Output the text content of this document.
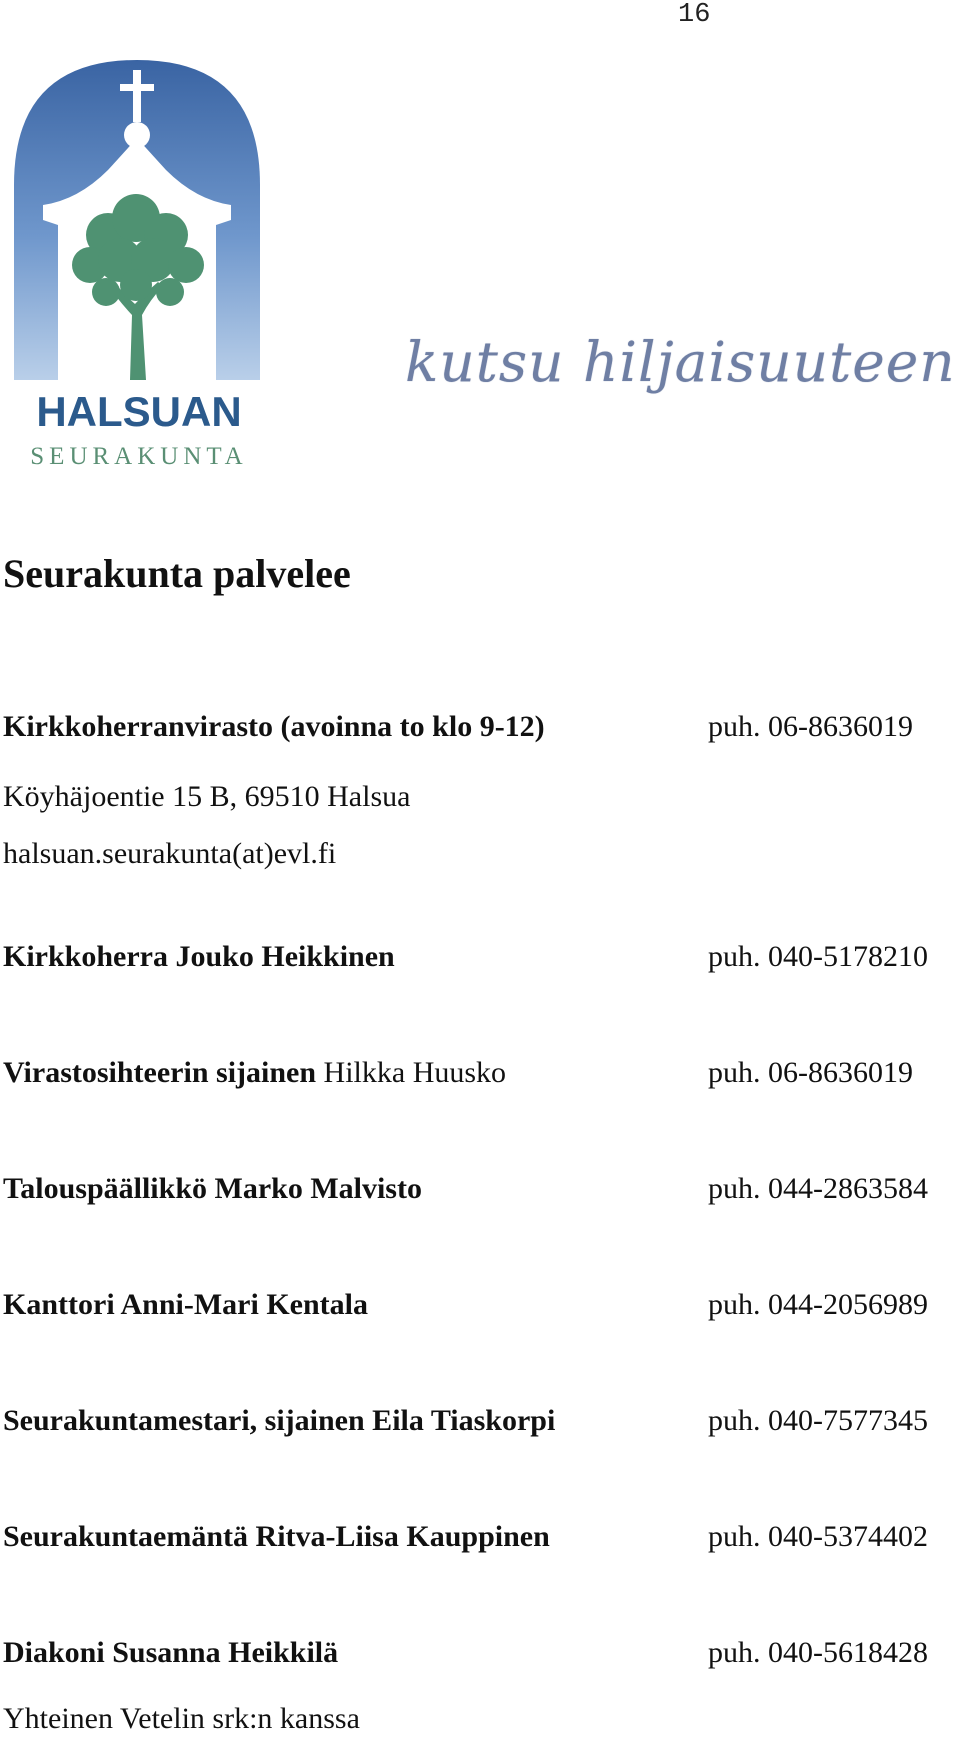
16
HALSUAN
SEURAKUNTA
kutsu hiljaisuuteen
Seurakunta palvelee
Kirkkoherranvirasto (avoinna to klo 9-12)	puh. 06-8636019
Köyhäjoentie 15 B, 69510 Halsua
halsuan.seurakunta(at)evl.fi
Kirkkoherra Jouko Heikkinen	puh. 040-5178210
Virastosihteerin sijainen Hilkka Huusko	puh. 06-8636019
Talouspäällikkö Marko Malvisto	puh. 044-2863584
Kanttori Anni-Mari Kentala	puh. 044-2056989
Seurakuntamestari, sijainen Eila Tiaskorpi	puh. 040-7577345
Seurakuntaemäntä Ritva-Liisa Kauppinen	puh. 040-5374402
Diakoni Susanna Heikkilä	puh. 040-5618428
Yhteinen Vetelin srk:n kanssa
